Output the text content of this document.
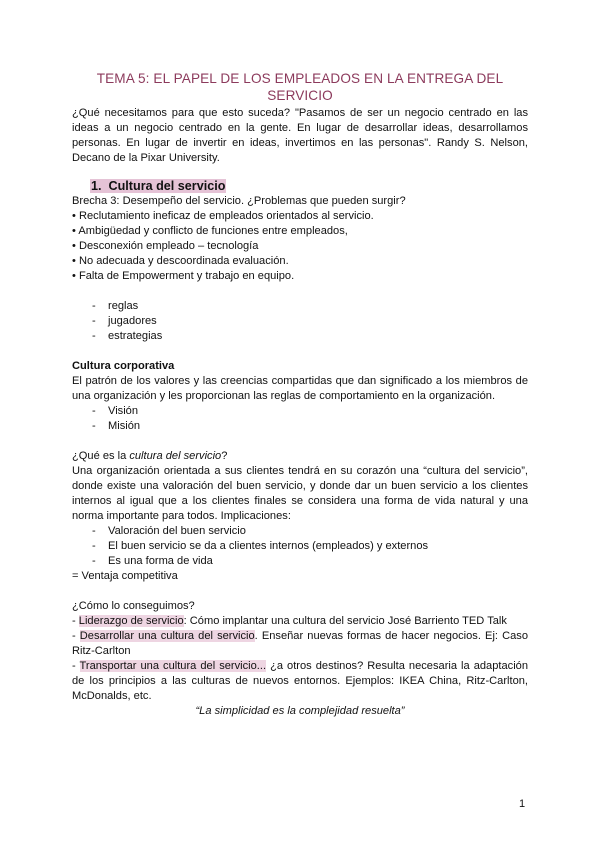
TEMA 5: EL PAPEL DE LOS EMPLEADOS EN LA ENTREGA DEL SERVICIO

¿Qué necesitamos para que esto suceda? "Pasamos de ser un negocio centrado en las ideas a un negocio centrado en la gente. En lugar de desarrollar ideas, desarrollamos personas. En lugar de invertir en ideas, invertimos en las personas". Randy S. Nelson, Decano de la Pixar University.

1. Cultura del servicio

Brecha 3: Desempeño del servicio. ¿Problemas que pueden surgir?

• Reclutamiento ineficaz de empleados orientados al servicio.

• Ambigüedad y conflicto de funciones entre empleados,

• Desconexión empleado – tecnología

• No adecuada y descoordinada evaluación.

• Falta de Empowerment y trabajo en equipo.

- reglas
- jugadores
- estrategias

Cultura corporativa

El patrón de los valores y las creencias compartidas que dan significado a los miembros de una organización y les proporcionan las reglas de comportamiento en la organización.

- Visión
- Misión

¿Qué es la cultura del servicio?

Una organización orientada a sus clientes tendrá en su corazón una “cultura del servicio”, donde existe una valoración del buen servicio, y donde dar un buen servicio a los clientes internos al igual que a los clientes finales se considera una forma de vida natural y una norma importante para todos. Implicaciones:

- Valoración del buen servicio
- El buen servicio se da a clientes internos (empleados) y externos
- Es una forma de vida

= Ventaja competitiva

¿Cómo lo conseguimos?

- Liderazgo de servicio: Cómo implantar una cultura del servicio José Barriento TED Talk

- Desarrollar una cultura del servicio. Enseñar nuevas formas de hacer negocios. Ej: Caso Ritz-Carlton

- Transportar una cultura del servicio... ¿a otros destinos? Resulta necesaria la adaptación de los principios a las culturas de nuevos entornos. Ejemplos: IKEA China, Ritz-Carlton, McDonalds, etc.

“La simplicidad es la complejidad resuelta”

1
